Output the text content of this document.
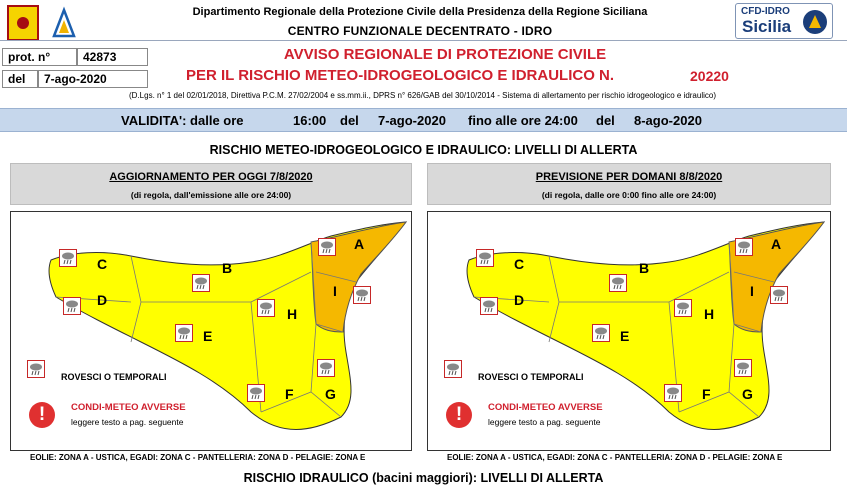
Dipartimento Regionale della Protezione Civile della Presidenza della Regione Siciliana
CENTRO FUNZIONALE DECENTRATO - IDRO
CFD-IDRO
Sicilia
prot. n°	42873
del	7-ago-2020
AVVISO REGIONALE DI PROTEZIONE CIVILE
PER IL RISCHIO METEO-IDROGEOLOGICO E IDRAULICO N.	20220
(D.Lgs. n° 1 del 02/01/2018, Direttiva P.C.M. 27/02/2004 e ss.mm.ii., DPRS n° 626/GAB del 30/10/2014 - Sistema di allertamento per rischio idrogeologico e idraulico)
VALIDITA': dalle ore	16:00 del 7-ago-2020 fino alle ore 24:00 del 8-ago-2020
RISCHIO METEO-IDROGEOLOGICO E IDRAULICO: LIVELLI DI ALLERTA
AGGIORNAMENTO PER OGGI 7/8/2020
(di regola, dall'emissione alle ore 24:00)
PREVISIONE PER DOMANI 8/8/2020
(di regola, dalle ore 0:00 fino alle ore 24:00)
C	B
A
D
H
I
E
F G
ROVESCI O TEMPORALI
!	CONDI-METEO AVVERSE
leggere testo a pag. seguente
C	B
A
D
H
I
E
F G
ROVESCI O TEMPORALI
!	CONDI-METEO AVVERSE
leggere testo a pag. seguente
EOLIE: ZONA A - USTICA, EGADI: ZONA C - PANTELLERIA: ZONA D - PELAGIE: ZONA E	EOLIE: ZONA A - USTICA, EGADI: ZONA C - PANTELLERIA: ZONA D - PELAGIE: ZONA E
RISCHIO IDRAULICO (bacini maggiori): LIVELLI DI ALLERTA
